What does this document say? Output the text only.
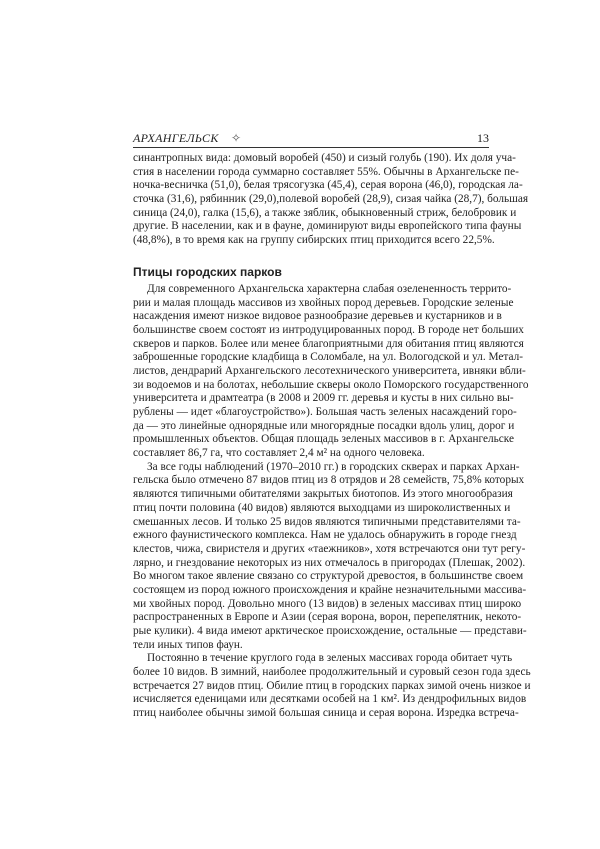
АРХАНГЕЛЬСК ✧	13
синантропных вида: домовый воробей (450) и сизый голубь (190). Их доля уча-
стия в населении города суммарно составляет 55%. Обычны в Архангельске пе-
ночка-весничка (51,0), белая трясогузка (45,4), серая ворона (46,0), городская ла-
сточка (31,6), рябинник (29,0),полевой воробей (28,9), сизая чайка (28,7), большая
синица (24,0), галка (15,6), а также зяблик, обыкновенный стриж, белобровик и
другие. В населении, как и в фауне, доминируют виды европейского типа фауны
(48,8%), в то время как на группу сибирских птиц приходится всего 22,5%.
Птицы городских парков
Для современного Архангельска характерна слабая озелененность террито-
рии и малая площадь массивов из хвойных пород деревьев. Городские зеленые
насаждения имеют низкое видовое разнообразие деревьев и кустарников и в
большинстве своем состоят из интродуцированных пород. В городе нет больших
скверов и парков. Более или менее благоприятными для обитания птиц являются
заброшенные городские кладбища в Соломбале, на ул. Вологодской и ул. Метал-
листов, дендрарий Архангельского лесотехнического университета, ивняки вбли-
зи водоемов и на болотах, небольшие скверы около Поморского государственного
университета и драмтеатра (в 2008 и 2009 гг. деревья и кусты в них сильно вы-
рублены — идет «благоустройство»). Большая часть зеленых насаждений горо-
да — это линейные однорядные или многорядные посадки вдоль улиц, дорог и
промышленных объектов. Общая площадь зеленых массивов в г. Архангельске
составляет 86,7 га, что составляет 2,4 м² на одного человека.
За все годы наблюдений (1970–2010 гг.) в городских скверах и парках Архан-
гельска было отмечено 87 видов птиц из 8 отрядов и 28 семейств, 75,8% которых
являются типичными обитателями закрытых биотопов. Из этого многообразия
птиц почти половина (40 видов) являются выходцами из широколиственных и
смешанных лесов. И только 25 видов являются типичными представителями та-
ежного фаунистического комплекса. Нам не удалось обнаружить в городе гнезд
клестов, чижа, свиристеля и других «таежников», хотя встречаются они тут регу-
лярно, и гнездование некоторых из них отмечалось в пригородах (Плешак, 2002).
Во многом такое явление связано со структурой древостоя, в большинстве своем
состоящем из пород южного происхождения и крайне незначительными массива-
ми хвойных пород. Довольно много (13 видов) в зеленых массивах птиц широко
распространенных в Европе и Азии (серая ворона, ворон, перепелятник, некото-
рые кулики). 4 вида имеют арктическое происхождение, остальные — представи-
тели иных типов фаун.
Постоянно в течение круглого года в зеленых массивах города обитает чуть
более 10 видов. В зимний, наиболее продолжительный и суровый сезон года здесь
встречается 27 видов птиц. Обилие птиц в городских парках зимой очень низкое и
исчисляется еденицами или десятками особей на 1 км². Из дендрофильных видов
птиц наиболее обычны зимой большая синица и серая ворона. Изредка встреча-
